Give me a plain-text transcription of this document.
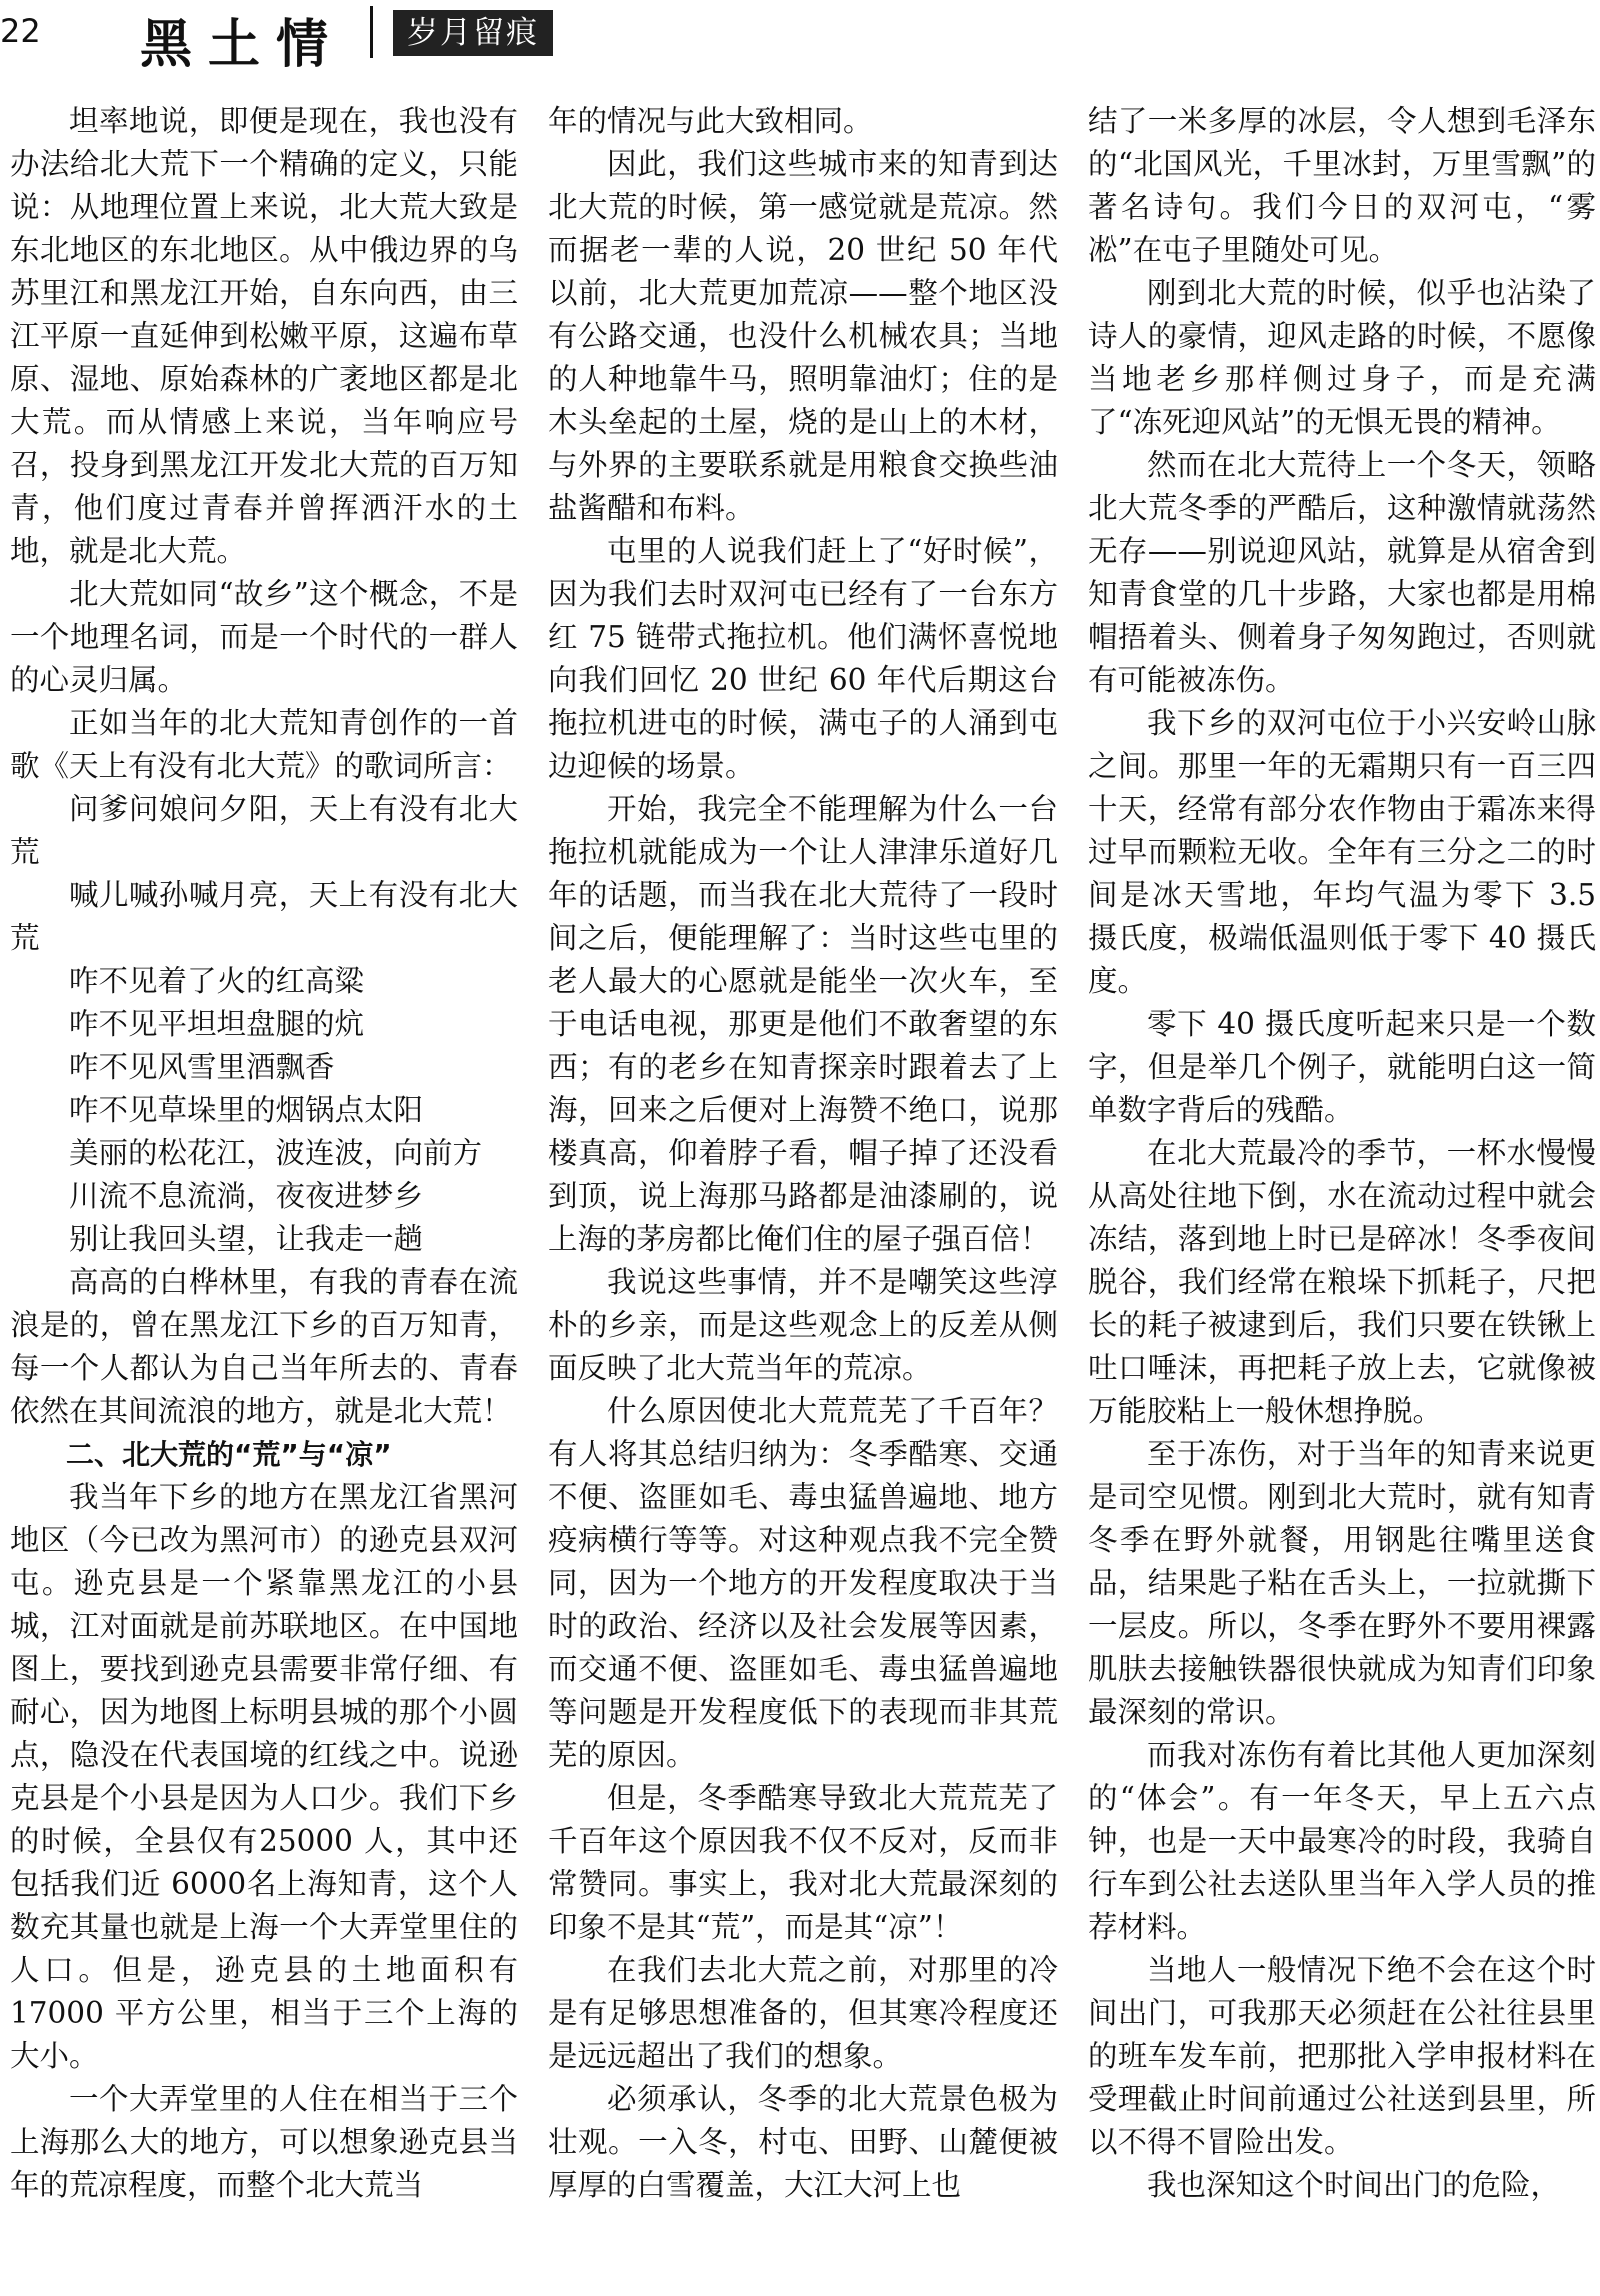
22 黑土情	岁月留痕

坦率地说，即便是现在，我也没有办法给北大荒下一个精确的定义，只能说：从地理位置上来说，北大荒大致是东北地区的东北地区。从中俄边界的乌苏里江和黑龙江开始，自东向西，由三江平原一直延伸到松嫩平原，这遍布草原、湿地、原始森林的广袤地区都是北大荒。而从情感上来说，当年响应号召，投身到黑龙江开发北大荒的百万知青，他们度过青春并曾挥洒汗水的土地，就是北大荒。

北大荒如同“故乡”这个概念，不是一个地理名词，而是一个时代的一群人的心灵归属。

正如当年的北大荒知青创作的一首歌《天上有没有北大荒》的歌词所言：

问爹问娘问夕阳，天上有没有北大荒

喊儿喊孙喊月亮，天上有没有北大荒

咋不见着了火的红高粱

咋不见平坦坦盘腿的炕

咋不见风雪里酒飘香

咋不见草垛里的烟锅点太阳

美丽的松花江，波连波，向前方

川流不息流淌，夜夜进梦乡

别让我回头望，让我走一趟

高高的白桦林里，有我的青春在流浪是的，曾在黑龙江下乡的百万知青，每一个人都认为自己当年所去的、青春依然在其间流浪的地方，就是北大荒！

二、北大荒的“荒”与“凉”

我当年下乡的地方在黑龙江省黑河地区（今已改为黑河市）的逊克县双河屯。逊克县是一个紧靠黑龙江的小县城，江对面就是前苏联地区。在中国地图上，要找到逊克县需要非常仔细、有耐心，因为地图上标明县城的那个小圆点，隐没在代表国境的红线之中。说逊克县是个小县是因为人口少。我们下乡的时候，全县仅有25000 人，其中还包括我们近 6000名上海知青，这个人数充其量也就是上海一个大弄堂里住的人口。但是，逊克县的土地面积有 17000 平方公里，相当于三个上海的大小。

一个大弄堂里的人住在相当于三个上海那么大的地方，可以想象逊克县当年的荒凉程度，而整个北大荒当

年的情况与此大致相同。

因此，我们这些城市来的知青到达北大荒的时候，第一感觉就是荒凉。然而据老一辈的人说，20 世纪 50 年代以前，北大荒更加荒凉——整个地区没有公路交通，也没什么机械农具；当地的人种地靠牛马，照明靠油灯；住的是木头垒起的土屋，烧的是山上的木材，与外界的主要联系就是用粮食交换些油盐酱醋和布料。

屯里的人说我们赶上了“好时候”，因为我们去时双河屯已经有了一台东方红 75 链带式拖拉机。他们满怀喜悦地向我们回忆 20 世纪 60 年代后期这台拖拉机进屯的时候，满屯子的人涌到屯边迎候的场景。

开始，我完全不能理解为什么一台拖拉机就能成为一个让人津津乐道好几年的话题，而当我在北大荒待了一段时间之后，便能理解了：当时这些屯里的老人最大的心愿就是能坐一次火车，至于电话电视，那更是他们不敢奢望的东西；有的老乡在知青探亲时跟着去了上海，回来之后便对上海赞不绝口，说那楼真高，仰着脖子看，帽子掉了还没看到顶，说上海那马路都是油漆刷的，说上海的茅房都比俺们住的屋子强百倍！

我说这些事情，并不是嘲笑这些淳朴的乡亲，而是这些观念上的反差从侧面反映了北大荒当年的荒凉。

什么原因使北大荒荒芜了千百年？有人将其总结归纳为：冬季酷寒、交通不便、盗匪如毛、毒虫猛兽遍地、地方疫病横行等等。对这种观点我不完全赞同，因为一个地方的开发程度取决于当时的政治、经济以及社会发展等因素，而交通不便、盗匪如毛、毒虫猛兽遍地等问题是开发程度低下的表现而非其荒芜的原因。

但是，冬季酷寒导致北大荒荒芜了千百年这个原因我不仅不反对，反而非常赞同。事实上，我对北大荒最深刻的印象不是其“荒”，而是其“凉”！

在我们去北大荒之前，对那里的冷是有足够思想准备的，但其寒冷程度还是远远超出了我们的想象。

必须承认，冬季的北大荒景色极为壮观。一入冬，村屯、田野、山麓便被厚厚的白雪覆盖，大江大河上也

结了一米多厚的冰层，令人想到毛泽东的“北国风光，千里冰封，万里雪飘”的著名诗句。我们今日的双河屯，“雾凇”在屯子里随处可见。

刚到北大荒的时候，似乎也沾染了诗人的豪情，迎风走路的时候，不愿像当地老乡那样侧过身子，而是充满了“冻死迎风站”的无惧无畏的精神。

然而在北大荒待上一个冬天，领略北大荒冬季的严酷后，这种激情就荡然无存——别说迎风站，就算是从宿舍到知青食堂的几十步路，大家也都是用棉帽捂着头、侧着身子匆匆跑过，否则就有可能被冻伤。

我下乡的双河屯位于小兴安岭山脉之间。那里一年的无霜期只有一百三四十天，经常有部分农作物由于霜冻来得过早而颗粒无收。全年有三分之二的时间是冰天雪地，年均气温为零下 3.5 摄氏度，极端低温则低于零下 40 摄氏度。

零下 40 摄氏度听起来只是一个数字，但是举几个例子，就能明白这一简单数字背后的残酷。

在北大荒最冷的季节，一杯水慢慢从高处往地下倒，水在流动过程中就会冻结，落到地上时已是碎冰！冬季夜间脱谷，我们经常在粮垛下抓耗子，尺把长的耗子被逮到后，我们只要在铁锹上吐口唾沫，再把耗子放上去，它就像被万能胶粘上一般休想挣脱。

至于冻伤，对于当年的知青来说更是司空见惯。刚到北大荒时，就有知青冬季在野外就餐，用钢匙往嘴里送食品，结果匙子粘在舌头上，一拉就撕下一层皮。所以，冬季在野外不要用裸露肌肤去接触铁器很快就成为知青们印象最深刻的常识。

而我对冻伤有着比其他人更加深刻的“体会”。有一年冬天，早上五六点钟，也是一天中最寒冷的时段，我骑自行车到公社去送队里当年入学人员的推荐材料。

当地人一般情况下绝不会在这个时间出门，可我那天必须赶在公社往县里的班车发车前，把那批入学申报材料在受理截止时间前通过公社送到县里，所以不得不冒险出发。

我也深知这个时间出门的危险，
